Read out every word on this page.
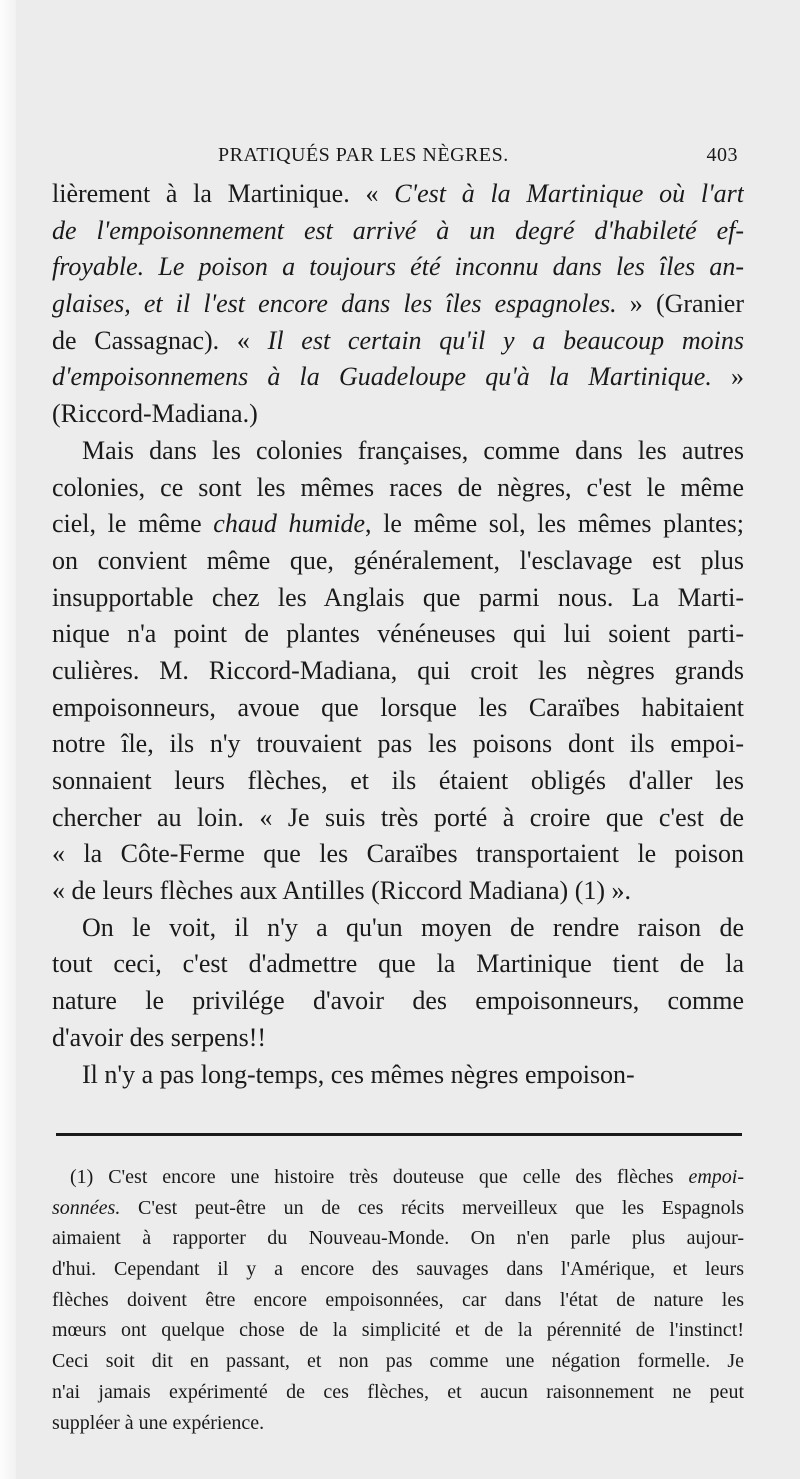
PRATIQUÉS PAR LES NÈGRES.	403
lièrement à la Martinique. « C'est à la Martinique où l'art
de l'empoisonnement est arrivé à un degré d'habileté ef-
froyable. Le poison a toujours été inconnu dans les îles an-
glaises, et il l'est encore dans les îles espagnoles. » (Granier
de Cassagnac). « Il est certain qu'il y a beaucoup moins
d'empoisonnemens à la Guadeloupe qu'à la Martinique. »
(Riccord-Madiana.)
Mais dans les colonies françaises, comme dans les autres
colonies, ce sont les mêmes races de nègres, c'est le même
ciel, le même chaud humide, le même sol, les mêmes plantes;
on convient même que, généralement, l'esclavage est plus
insupportable chez les Anglais que parmi nous. La Marti-
nique n'a point de plantes vénéneuses qui lui soient parti-
culières. M. Riccord-Madiana, qui croit les nègres grands
empoisonneurs, avoue que lorsque les Caraïbes habitaient
notre île, ils n'y trouvaient pas les poisons dont ils empoi-
sonnaient leurs flèches, et ils étaient obligés d'aller les
chercher au loin. « Je suis très porté à croire que c'est de
« la Côte-Ferme que les Caraïbes transportaient le poison
« de leurs flèches aux Antilles (Riccord Madiana) (1) ».
On le voit, il n'y a qu'un moyen de rendre raison de
tout ceci, c'est d'admettre que la Martinique tient de la
nature le privilége d'avoir des empoisonneurs, comme
d'avoir des serpens!!
Il n'y a pas long-temps, ces mêmes nègres empoison-
(1) C'est encore une histoire très douteuse que celle des flèches empoi-
sonnées. C'est peut-être un de ces récits merveilleux que les Espagnols
aimaient à rapporter du Nouveau-Monde. On n'en parle plus aujour-
d'hui. Cependant il y a encore des sauvages dans l'Amérique, et leurs
flèches doivent être encore empoisonnées, car dans l'état de nature les
mœurs ont quelque chose de la simplicité et de la pérennité de l'instinct!
Ceci soit dit en passant, et non pas comme une négation formelle. Je
n'ai jamais expérimenté de ces flèches, et aucun raisonnement ne peut
suppléer à une expérience.
